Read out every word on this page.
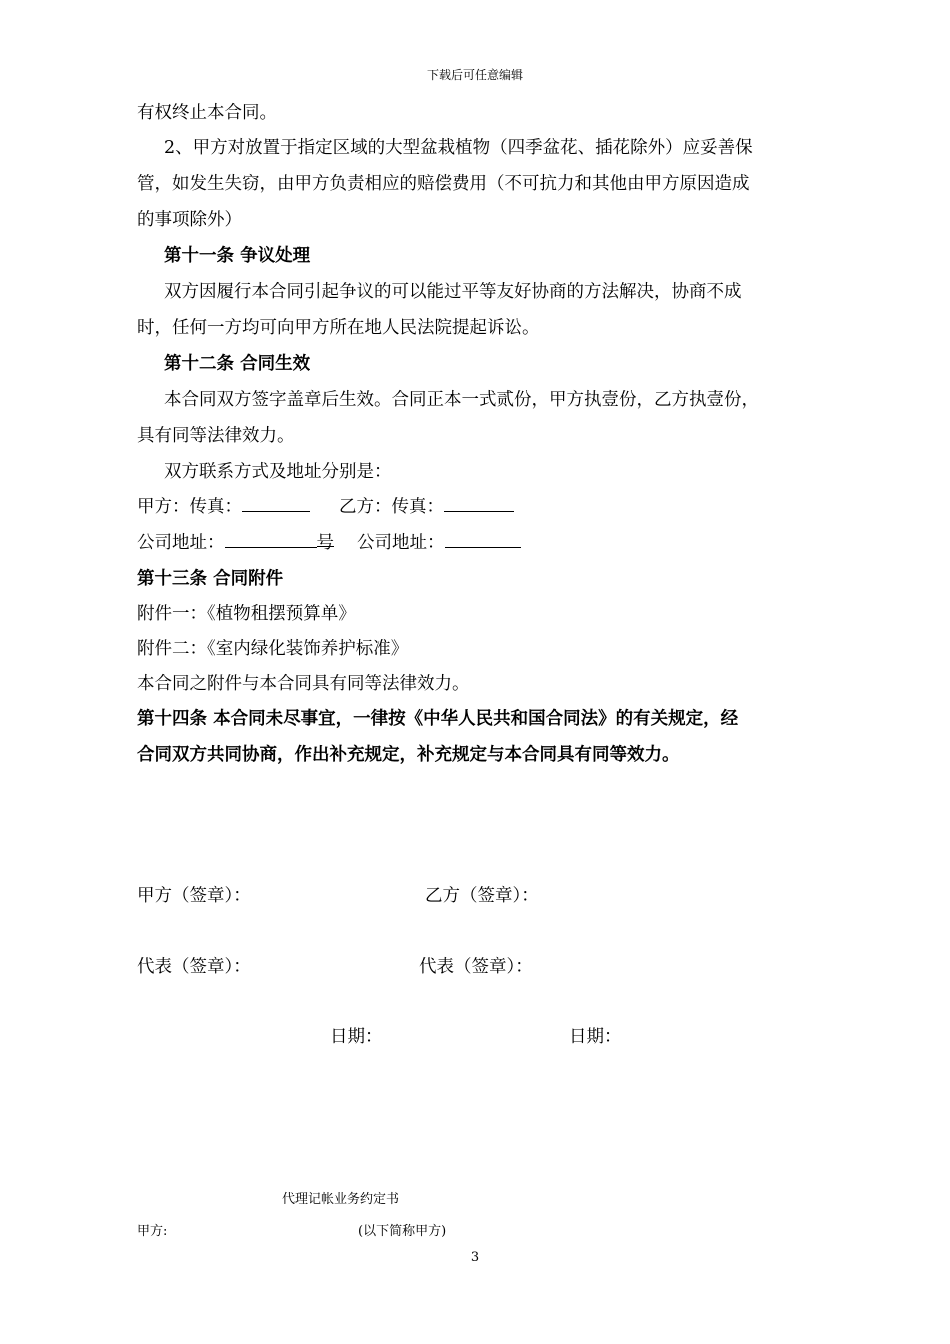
下载后可任意编辑
有权终止本合同。
2、甲方对放置于指定区域的大型盆栽植物（四季盆花、插花除外）应妥善保
管，如发生失窃，由甲方负责相应的赔偿费用（不可抗力和其他由甲方原因造成
的事项除外）
第十一条 争议处理
双方因履行本合同引起争议的可以能过平等友好协商的方法解决，协商不成
时，任何一方均可向甲方所在地人民法院提起诉讼。
第十二条 合同生效
本合同双方签字盖章后生效。合同正本一式贰份，甲方执壹份，乙方执壹份，
具有同等法律效力。
双方联系方式及地址分别是：
甲方：传真：	乙方：传真：
公司地址：	号 公司地址：
第十三条 合同附件
附件一：《植物租摆预算单》
附件二：《室内绿化装饰养护标准》
本合同之附件与本合同具有同等法律效力。
第十四条 本合同未尽事宜，一律按《中华人民共和国合同法》的有关规定，经
合同双方共同协商，作出补充规定，补充规定与本合同具有同等效力。
甲方（签章）：	乙方（签章）：
代表（签章）：	代表（签章）：
日期：	日期：
代理记帐业务约定书
甲方:	(以下简称甲方)
3
